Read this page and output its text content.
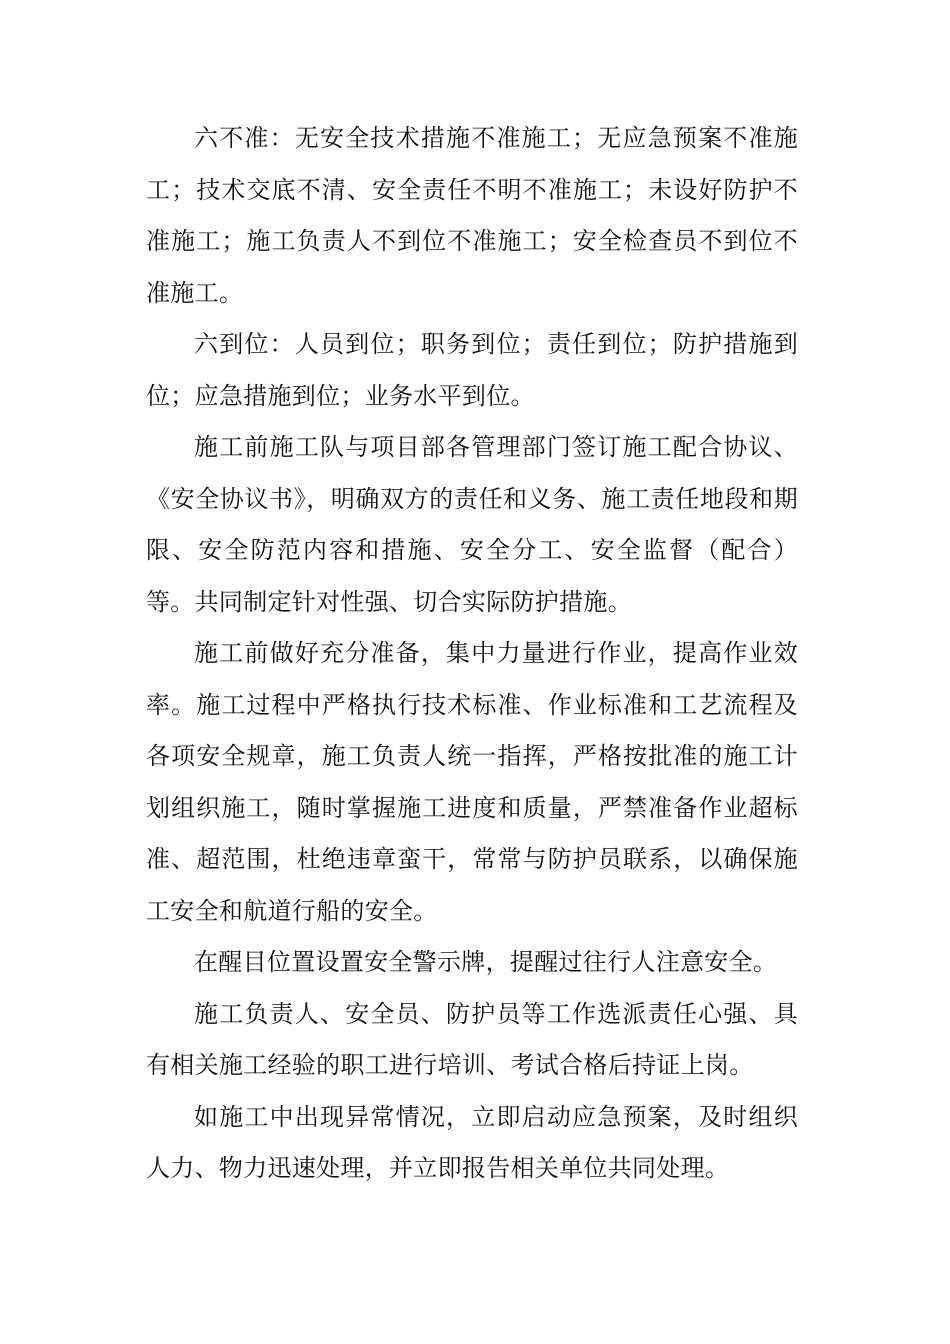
六不准：无安全技术措施不准施工；无应急预案不准施工；技术交底不清、安全责任不明不准施工；未设好防护不准施工；施工负责人不到位不准施工；安全检查员不到位不准施工。

六到位：人员到位；职务到位；责任到位；防护措施到位；应急措施到位；业务水平到位。

施工前施工队与项目部各管理部门签订施工配合协议、《安全协议书》，明确双方的责任和义务、施工责任地段和期限、安全防范内容和措施、安全分工、安全监督（配合）等。共同制定针对性强、切合实际防护措施。

施工前做好充分准备，集中力量进行作业，提高作业效率。施工过程中严格执行技术标准、作业标准和工艺流程及各项安全规章，施工负责人统一指挥，严格按批准的施工计划组织施工，随时掌握施工进度和质量，严禁准备作业超标准、超范围，杜绝违章蛮干，常常与防护员联系，以确保施工安全和航道行船的安全。

在醒目位置设置安全警示牌，提醒过往行人注意安全。

施工负责人、安全员、防护员等工作选派责任心强、具有相关施工经验的职工进行培训、考试合格后持证上岗。

如施工中出现异常情况，立即启动应急预案，及时组织人力、物力迅速处理，并立即报告相关单位共同处理。
